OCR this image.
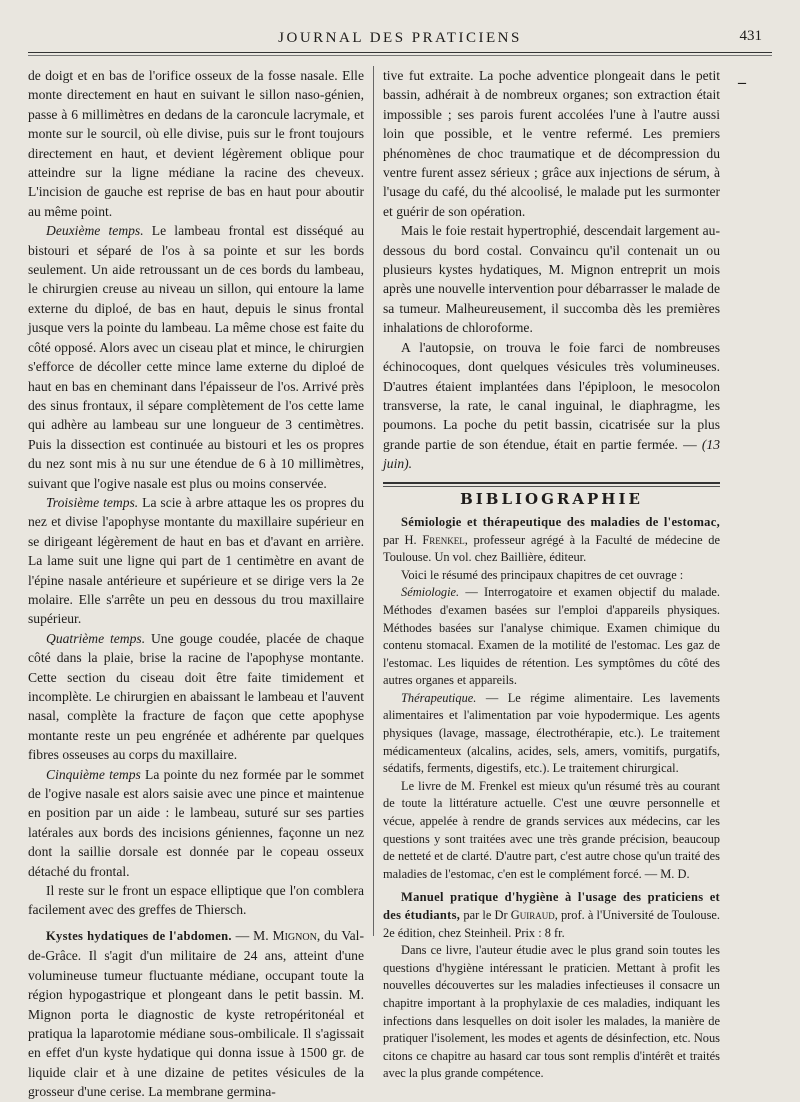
JOURNAL DES PRATICIENS	431
–

de doigt et en bas de l'orifice osseux de la fosse nasale. Elle monte directement en haut en suivant le sillon naso-génien, passe à 6 millimètres en dedans de la caroncule lacrymale, et monte sur le sourcil, où elle divise, puis sur le front toujours directement en haut, et devient légèrement oblique pour atteindre sur la ligne médiane la racine des cheveux. L'incision de gauche est reprise de bas en haut pour aboutir au même point.

Deuxième temps. Le lambeau frontal est disséqué au bistouri et séparé de l'os à sa pointe et sur les bords seulement. Un aide retroussant un de ces bords du lambeau, le chirurgien creuse au niveau un sillon, qui entoure la lame externe du diploé, de bas en haut, depuis le sinus frontal jusque vers la pointe du lambeau. La même chose est faite du côté opposé. Alors avec un ciseau plat et mince, le chirurgien s'efforce de décoller cette mince lame externe du diploé de haut en bas en cheminant dans l'épaisseur de l'os. Arrivé près des sinus frontaux, il sépare complètement de l'os cette lame qui adhère au lambeau sur une longueur de 3 centimètres. Puis la dissection est continuée au bistouri et les os propres du nez sont mis à nu sur une étendue de 6 à 10 millimètres, suivant que l'ogive nasale est plus ou moins conservée.

Troisième temps. La scie à arbre attaque les os propres du nez et divise l'apophyse montante du maxillaire supérieur en se dirigeant légèrement de haut en bas et d'avant en arrière. La lame suit une ligne qui part de 1 centimètre en avant de l'épine nasale antérieure et supérieure et se dirige vers la 2e molaire. Elle s'arrête un peu en dessous du trou maxillaire supérieur.

Quatrième temps. Une gouge coudée, placée de chaque côté dans la plaie, brise la racine de l'apophyse montante. Cette section du ciseau doit être faite timidement et incomplète. Le chirurgien en abaissant le lambeau et l'auvent nasal, complète la fracture de façon que cette apophyse montante reste un peu engrénée et adhérente par quelques fibres osseuses au corps du maxillaire.

Cinquième temps La pointe du nez formée par le sommet de l'ogive nasale est alors saisie avec une pince et maintenue en position par un aide : le lambeau, suturé sur ses parties latérales aux bords des incisions géniennes, façonne un nez dont la saillie dorsale est donnée par le copeau osseux détaché du frontal.

Il reste sur le front un espace elliptique que l'on comblera facilement avec des greffes de Thiersch.

Kystes hydatiques de l'abdomen. — M. Mignon, du Val-de-Grâce. Il s'agit d'un militaire de 24 ans, atteint d'une volumineuse tumeur fluctuante médiane, occupant toute la région hypogastrique et plongeant dans le petit bassin. M. Mignon porta le diagnostic de kyste retropéritonéal et pratiqua la laparotomie médiane sous-ombilicale. Il s'agissait en effet d'un kyste hydatique qui donna issue à 1500 gr. de liquide clair et à une dizaine de petites vésicules de la grosseur d'une cerise. La membrane germina-

tive fut extraite. La poche adventice plongeait dans le petit bassin, adhérait à de nombreux organes; son extraction était impossible ; ses parois furent accolées l'une à l'autre aussi loin que possible, et le ventre refermé. Les premiers phénomènes de choc traumatique et de décompression du ventre furent assez sérieux ; grâce aux injections de sérum, à l'usage du café, du thé alcoolisé, le malade put les surmonter et guérir de son opération.

Mais le foie restait hypertrophié, descendait largement au-dessous du bord costal. Convaincu qu'il contenait un ou plusieurs kystes hydatiques, M. Mignon entreprit un mois après une nouvelle intervention pour débarrasser le malade de sa tumeur. Malheureusement, il succomba dès les premières inhalations de chloroforme.

A l'autopsie, on trouva le foie farci de nombreuses échinocoques, dont quelques vésicules très volumineuses. D'autres étaient implantées dans l'épiploon, le mesocolon transverse, la rate, le canal inguinal, le diaphragme, les poumons. La poche du petit bassin, cicatrisée sur la plus grande partie de son étendue, était en partie fermée. — (13 juin).

BIBLIOGRAPHIE

Sémiologie et thérapeutique des maladies de l'estomac, par H. Frenkel, professeur agrégé à la Faculté de médecine de Toulouse. Un vol. chez Baillière, éditeur.

Voici le résumé des principaux chapitres de cet ouvrage :

Sémiologie. — Interrogatoire et examen objectif du malade. Méthodes d'examen basées sur l'emploi d'appareils physiques. Méthodes basées sur l'analyse chimique. Examen chimique du contenu stomacal. Examen de la motilité de l'estomac. Les gaz de l'estomac. Les liquides de rétention. Les symptômes du côté des autres organes et appareils.

Thérapeutique. — Le régime alimentaire. Les lavements alimentaires et l'alimentation par voie hypodermique. Les agents physiques (lavage, massage, électrothérapie, etc.). Le traitement médicamenteux (alcalins, acides, sels, amers, vomitifs, purgatifs, sédatifs, ferments, digestifs, etc.). Le traitement chirurgical.

Le livre de M. Frenkel est mieux qu'un résumé très au courant de toute la littérature actuelle. C'est une œuvre personnelle et vécue, appelée à rendre de grands services aux médecins, car les questions y sont traitées avec une très grande précision, beaucoup de netteté et de clarté. D'autre part, c'est autre chose qu'un traité des maladies de l'estomac, c'en est le complément forcé. — M. D.

Manuel pratique d'hygiène à l'usage des praticiens et des étudiants, par le Dr Guiraud, prof. à l'Université de Toulouse. 2e édition, chez Steinheil. Prix : 8 fr.

Dans ce livre, l'auteur étudie avec le plus grand soin toutes les questions d'hygiène intéressant le praticien. Mettant à profit les nouvelles découvertes sur les maladies infectieuses il consacre un chapitre important à la prophylaxie de ces maladies, indiquant les infections dans lesquelles on doit isoler les malades, la manière de pratiquer l'isolement, les modes et agents de désinfection, etc. Nous citons ce chapitre au hasard car tous sont remplis d'intérêt et traités avec la plus grande compétence.
